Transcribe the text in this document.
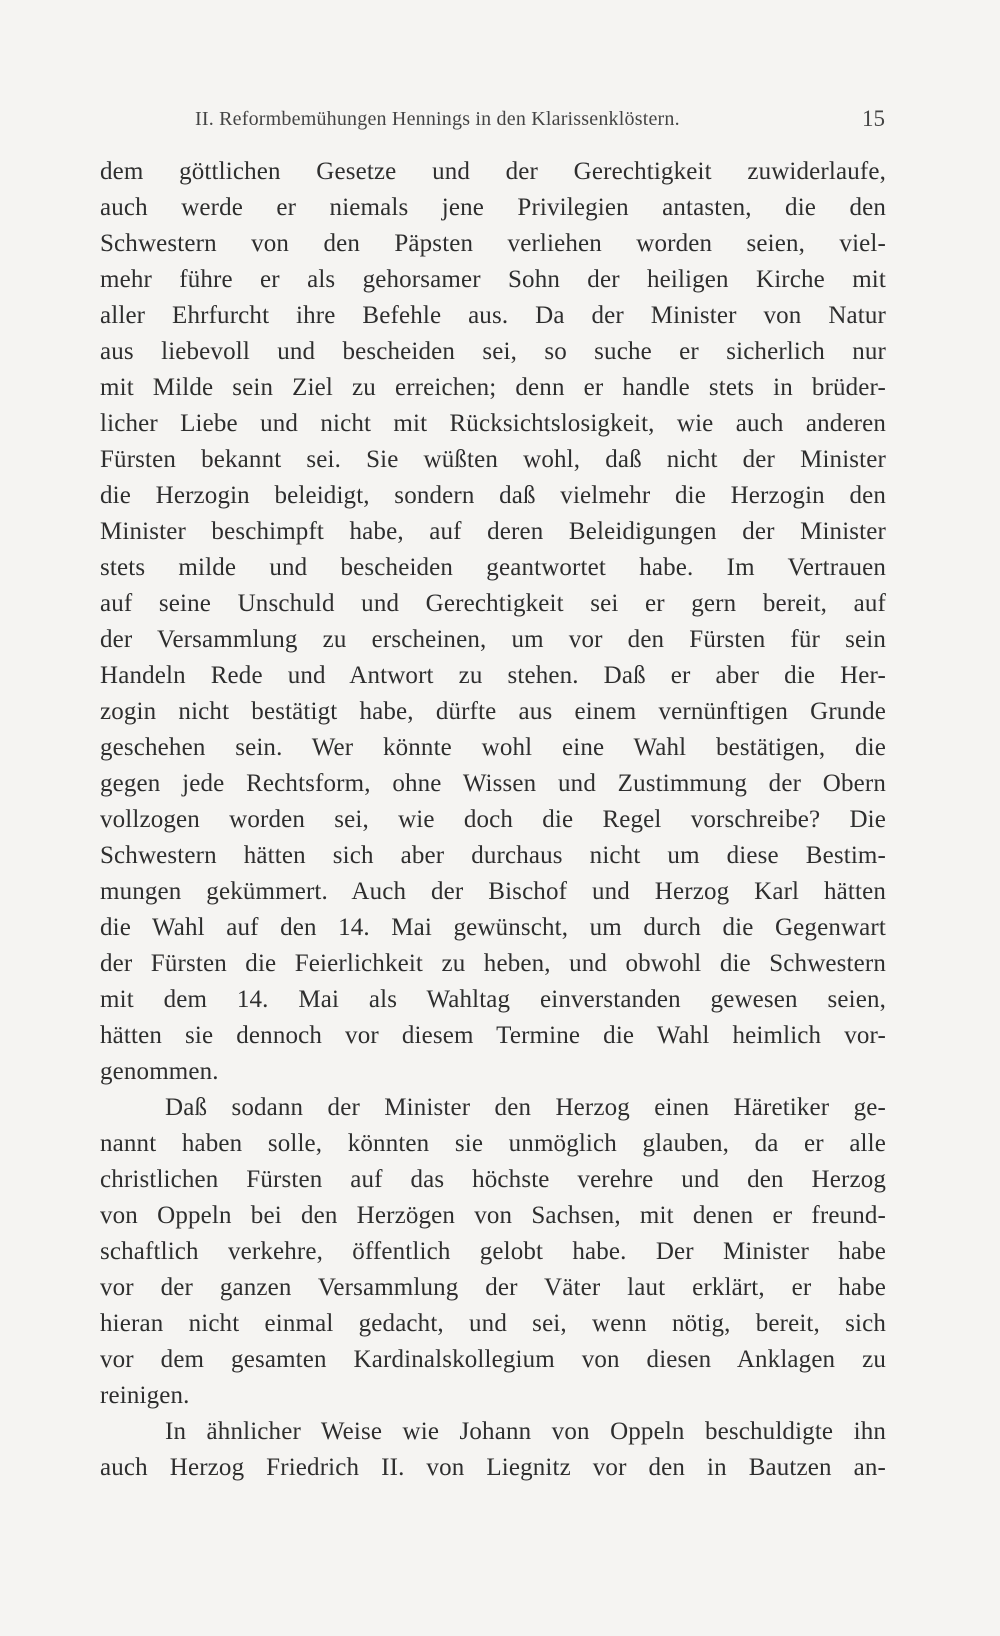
II. Reformbemühungen Hennings in den Klarissenklöstern.	15
dem göttlichen Gesetze und der Gerechtigkeit zuwiderlaufe,
auch werde er niemals jene Privilegien antasten, die den
Schwestern von den Päpsten verliehen worden seien, viel-
mehr führe er als gehorsamer Sohn der heiligen Kirche mit
aller Ehrfurcht ihre Befehle aus. Da der Minister von Natur
aus liebevoll und bescheiden sei, so suche er sicherlich nur
mit Milde sein Ziel zu erreichen; denn er handle stets in brüder-
licher Liebe und nicht mit Rücksichtslosigkeit, wie auch anderen
Fürsten bekannt sei. Sie wüßten wohl, daß nicht der Minister
die Herzogin beleidigt, sondern daß vielmehr die Herzogin den
Minister beschimpft habe, auf deren Beleidigungen der Minister
stets milde und bescheiden geantwortet habe. Im Vertrauen
auf seine Unschuld und Gerechtigkeit sei er gern bereit, auf
der Versammlung zu erscheinen, um vor den Fürsten für sein
Handeln Rede und Antwort zu stehen. Daß er aber die Her-
zogin nicht bestätigt habe, dürfte aus einem vernünftigen Grunde
geschehen sein. Wer könnte wohl eine Wahl bestätigen, die
gegen jede Rechtsform, ohne Wissen und Zustimmung der Obern
vollzogen worden sei, wie doch die Regel vorschreibe? Die
Schwestern hätten sich aber durchaus nicht um diese Bestim-
mungen gekümmert. Auch der Bischof und Herzog Karl hätten
die Wahl auf den 14. Mai gewünscht, um durch die Gegenwart
der Fürsten die Feierlichkeit zu heben, und obwohl die Schwestern
mit dem 14. Mai als Wahltag einverstanden gewesen seien,
hätten sie dennoch vor diesem Termine die Wahl heimlich vor-
genommen.
Daß sodann der Minister den Herzog einen Häretiker ge-
nannt haben solle, könnten sie unmöglich glauben, da er alle
christlichen Fürsten auf das höchste verehre und den Herzog
von Oppeln bei den Herzögen von Sachsen, mit denen er freund-
schaftlich verkehre, öffentlich gelobt habe. Der Minister habe
vor der ganzen Versammlung der Väter laut erklärt, er habe
hieran nicht einmal gedacht, und sei, wenn nötig, bereit, sich
vor dem gesamten Kardinalskollegium von diesen Anklagen zu
reinigen.
In ähnlicher Weise wie Johann von Oppeln beschuldigte ihn
auch Herzog Friedrich II. von Liegnitz vor den in Bautzen an-
